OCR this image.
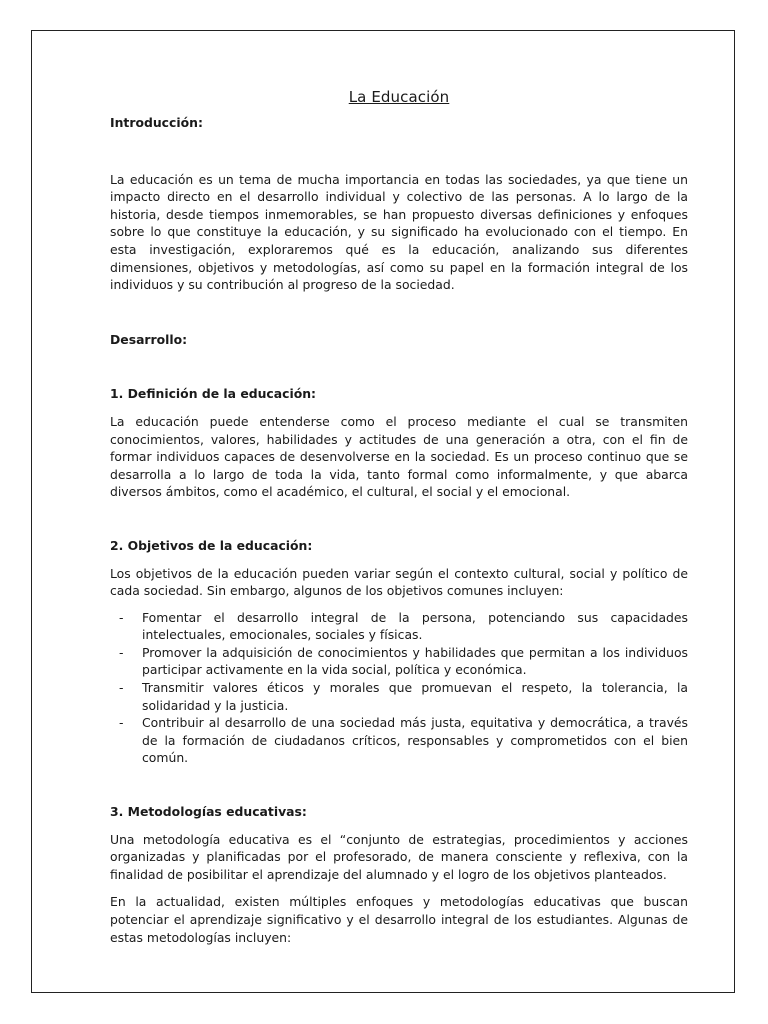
La Educación
Introducción:

La educación es un tema de mucha importancia en todas las sociedades, ya que tiene un impacto directo en el desarrollo individual y colectivo de las personas. A lo largo de la historia, desde tiempos inmemorables, se han propuesto diversas definiciones y enfoques sobre lo que constituye la educación, y su significado ha evolucionado con el tiempo. En esta investigación, exploraremos qué es la educación, analizando sus diferentes dimensiones, objetivos y metodologías, así como su papel en la formación integral de los individuos y su contribución al progreso de la sociedad.

Desarrollo:
1. Definición de la educación:

La educación puede entenderse como el proceso mediante el cual se transmiten conocimientos, valores, habilidades y actitudes de una generación a otra, con el fin de formar individuos capaces de desenvolverse en la sociedad. Es un proceso continuo que se desarrolla a lo largo de toda la vida, tanto formal como informalmente, y que abarca diversos ámbitos, como el académico, el cultural, el social y el emocional.

2. Objetivos de la educación:

Los objetivos de la educación pueden variar según el contexto cultural, social y político de cada sociedad. Sin embargo, algunos de los objetivos comunes incluyen:

- Fomentar el desarrollo integral de la persona, potenciando sus capacidades intelectuales, emocionales, sociales y físicas.
- Promover la adquisición de conocimientos y habilidades que permitan a los individuos participar activamente en la vida social, política y económica.
- Transmitir valores éticos y morales que promuevan el respeto, la tolerancia, la solidaridad y la justicia.
- Contribuir al desarrollo de una sociedad más justa, equitativa y democrática, a través de la formación de ciudadanos críticos, responsables y comprometidos con el bien común.
3. Metodologías educativas:

Una metodología educativa es el “conjunto de estrategias, procedimientos y acciones organizadas y planificadas por el profesorado, de manera consciente y reflexiva, con la finalidad de posibilitar el aprendizaje del alumnado y el logro de los objetivos planteados.

En la actualidad, existen múltiples enfoques y metodologías educativas que buscan potenciar el aprendizaje significativo y el desarrollo integral de los estudiantes. Algunas de estas metodologías incluyen:
